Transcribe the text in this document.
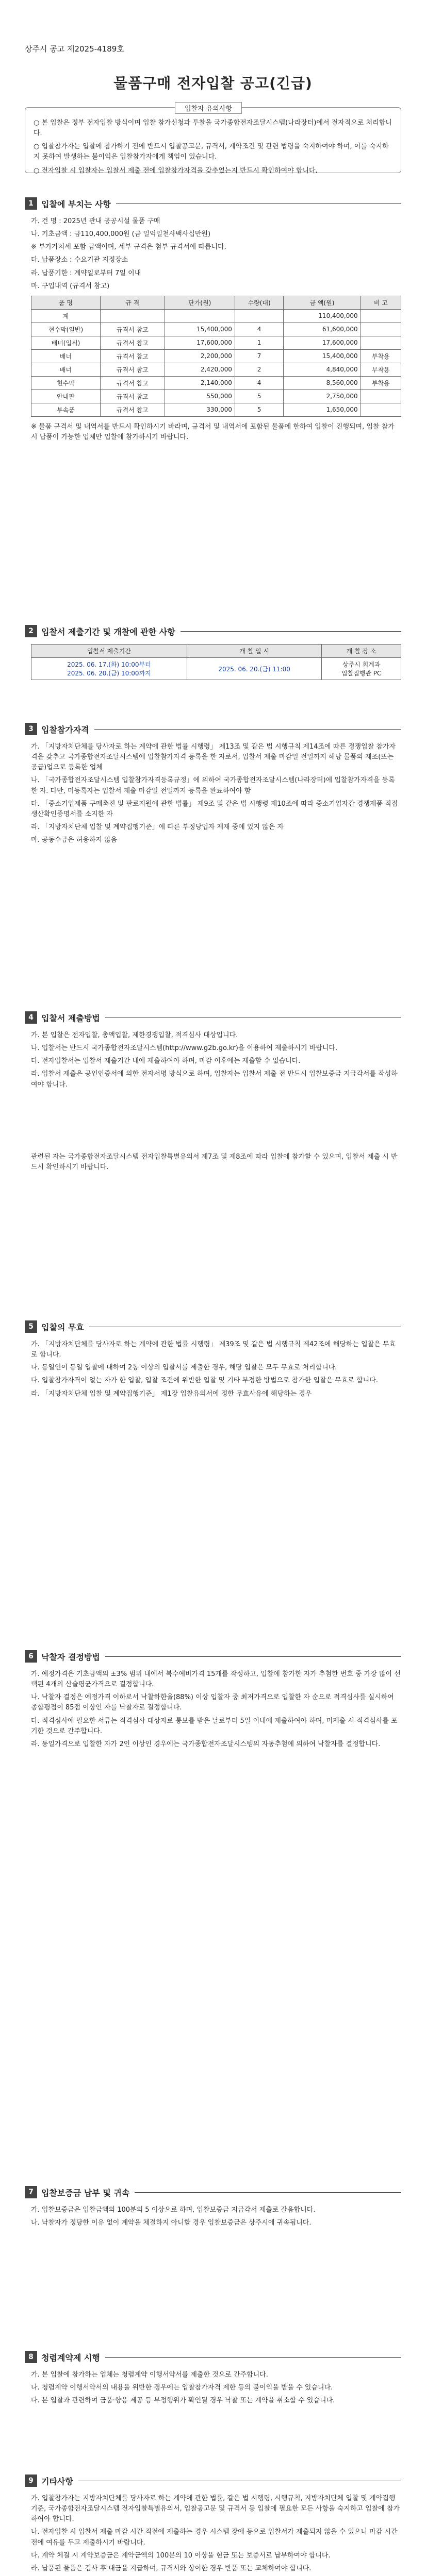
상주시 공고 제2025-4189호
물품구매 전자입찰 공고(긴급)
입찰자 유의사항

○ 본 입찰은 정부 전자입찰 방식이며 입찰 참가신청과 투찰을 국가종합전자조달시스템(나라장터)에서 전자적으로 처리합니다.

○ 입찰참가자는 입찰에 참가하기 전에 반드시 입찰공고문, 규격서, 계약조건 및 관련 법령을 숙지하여야 하며, 이를 숙지하지 못하여 발생하는 불이익은 입찰참가자에게 책임이 있습니다.

○ 전자입찰 시 입찰자는 입찰서 제출 전에 입찰참가자격을 갖추었는지 반드시 확인하여야 합니다.

1 입찰에 부치는 사항

가. 건 명 : 2025년 관내 공공시설 물품 구매

나. 기초금액 : 금110,400,000원 (금 일억일천사백사십만원)

※ 부가가치세 포함 금액이며, 세부 규격은 첨부 규격서에 따릅니다.

다. 납품장소 : 수요기관 지정장소

라. 납품기한 : 계약일로부터 7일 이내

마. 구입내역 (규격서 참고)

품 명	규 격	단가(원)	수량(대)	금 액(원)	비 고
계				110,400,000	
현수막(일반)	규격서 참고	15,400,000	4	61,600,000	
배너(입식)	규격서 참고	17,600,000	1	17,600,000	
배너	규격서 참고	2,200,000	7	15,400,000	부착용
배너	규격서 참고	2,420,000	2	4,840,000	부착용
현수막	규격서 참고	2,140,000	4	8,560,000	부착용
안내판	규격서 참고	550,000	5	2,750,000	
부속품	규격서 참고	330,000	5	1,650,000	

※ 물품 규격서 및 내역서를 반드시 확인하시기 바라며, 규격서 및 내역서에 포함된 물품에 한하여 입찰이 진행되며, 입찰 참가 시 납품이 가능한 업체만 입찰에 참가하시기 바랍니다.

2 입찰서 제출기간 및 개찰에 관한 사항
입찰서 제출기간	개 찰 일 시	개 찰 장 소
2025. 06. 17.(화) 10:00부터
2025. 06. 20.(금) 10:00까지	2025. 06. 20.(금) 11:00	상주시 회계과
입찰집행관 PC
3 입찰참가자격

가. 「지방자치단체를 당사자로 하는 계약에 관한 법률 시행령」 제13조 및 같은 법 시행규칙 제14조에 따른 경쟁입찰 참가자격을 갖추고 국가종합전자조달시스템에 입찰참가자격 등록을 한 자로서, 입찰서 제출 마감일 전일까지 해당 물품의 제조(또는 공급)업으로 등록한 업체

나. 「국가종합전자조달시스템 입찰참가자격등록규정」에 의하여 국가종합전자조달시스템(나라장터)에 입찰참가자격을 등록한 자. 다만, 미등록자는 입찰서 제출 마감일 전일까지 등록을 완료하여야 함

다. 「중소기업제품 구매촉진 및 판로지원에 관한 법률」 제9조 및 같은 법 시행령 제10조에 따라 중소기업자간 경쟁제품 직접생산확인증명서를 소지한 자

라. 「지방자치단체 입찰 및 계약집행기준」에 따른 부정당업자 제재 중에 있지 않은 자

마. 공동수급은 허용하지 않음

4 입찰서 제출방법

가. 본 입찰은 전자입찰, 총액입찰, 제한경쟁입찰, 적격심사 대상입니다.

나. 입찰서는 반드시 국가종합전자조달시스템(http://www.g2b.go.kr)을 이용하여 제출하시기 바랍니다.

다. 전자입찰서는 입찰서 제출기간 내에 제출하여야 하며, 마감 이후에는 제출할 수 없습니다.

라. 입찰서 제출은 공인인증서에 의한 전자서명 방식으로 하며, 입찰자는 입찰서 제출 전 반드시 입찰보증금 지급각서를 작성하여야 합니다.

관련된 자는 국가종합전자조달시스템 전자입찰특별유의서 제7조 및 제8조에 따라 입찰에 참가할 수 있으며, 입찰서 제출 시 반드시 확인하시기 바랍니다.

5 입찰의 무효

가. 「지방자치단체를 당사자로 하는 계약에 관한 법률 시행령」 제39조 및 같은 법 시행규칙 제42조에 해당하는 입찰은 무효로 합니다.

나. 동일인이 동일 입찰에 대하여 2통 이상의 입찰서를 제출한 경우, 해당 입찰은 모두 무효로 처리합니다.

다. 입찰참가자격이 없는 자가 한 입찰, 입찰 조건에 위반한 입찰 및 기타 부정한 방법으로 참가한 입찰은 무효로 합니다.

라. 「지방자치단체 입찰 및 계약집행기준」 제1장 입찰유의서에 정한 무효사유에 해당하는 경우

6 낙찰자 결정방법

가. 예정가격은 기초금액의 ±3% 범위 내에서 복수예비가격 15개를 작성하고, 입찰에 참가한 자가 추첨한 번호 중 가장 많이 선택된 4개의 산술평균가격으로 결정합니다.

나. 낙찰자 결정은 예정가격 이하로서 낙찰하한율(88%) 이상 입찰자 중 최저가격으로 입찰한 자 순으로 적격심사를 실시하여 종합평점이 85점 이상인 자를 낙찰자로 결정합니다.

다. 적격심사에 필요한 서류는 적격심사 대상자로 통보를 받은 날로부터 5일 이내에 제출하여야 하며, 미제출 시 적격심사를 포기한 것으로 간주합니다.

라. 동일가격으로 입찰한 자가 2인 이상인 경우에는 국가종합전자조달시스템의 자동추첨에 의하여 낙찰자를 결정합니다.

7 입찰보증금 납부 및 귀속

가. 입찰보증금은 입찰금액의 100분의 5 이상으로 하며, 입찰보증금 지급각서 제출로 갈음합니다.

나. 낙찰자가 정당한 이유 없이 계약을 체결하지 아니할 경우 입찰보증금은 상주시에 귀속됩니다.

8 청렴계약제 시행

가. 본 입찰에 참가하는 업체는 청렴계약 이행서약서를 제출한 것으로 간주합니다.

나. 청렴계약 이행서약서의 내용을 위반한 경우에는 입찰참가자격 제한 등의 불이익을 받을 수 있습니다.

다. 본 입찰과 관련하여 금품·향응 제공 등 부정행위가 확인될 경우 낙찰 또는 계약을 취소할 수 있습니다.

9 기타사항

가. 입찰참가자는 지방자치단체를 당사자로 하는 계약에 관한 법률, 같은 법 시행령, 시행규칙, 지방자치단체 입찰 및 계약집행기준, 국가종합전자조달시스템 전자입찰특별유의서, 입찰공고문 및 규격서 등 입찰에 필요한 모든 사항을 숙지하고 입찰에 참가하여야 합니다.

나. 전자입찰 시 입찰서 제출 마감 시간 직전에 제출하는 경우 시스템 장애 등으로 입찰서가 제출되지 않을 수 있으니 마감 시간 전에 여유를 두고 제출하시기 바랍니다.

다. 계약 체결 시 계약보증금은 계약금액의 100분의 10 이상을 현금 또는 보증서로 납부하여야 합니다.

라. 납품된 물품은 검사 후 대금을 지급하며, 규격서와 상이한 경우 반품 또는 교체하여야 합니다.
